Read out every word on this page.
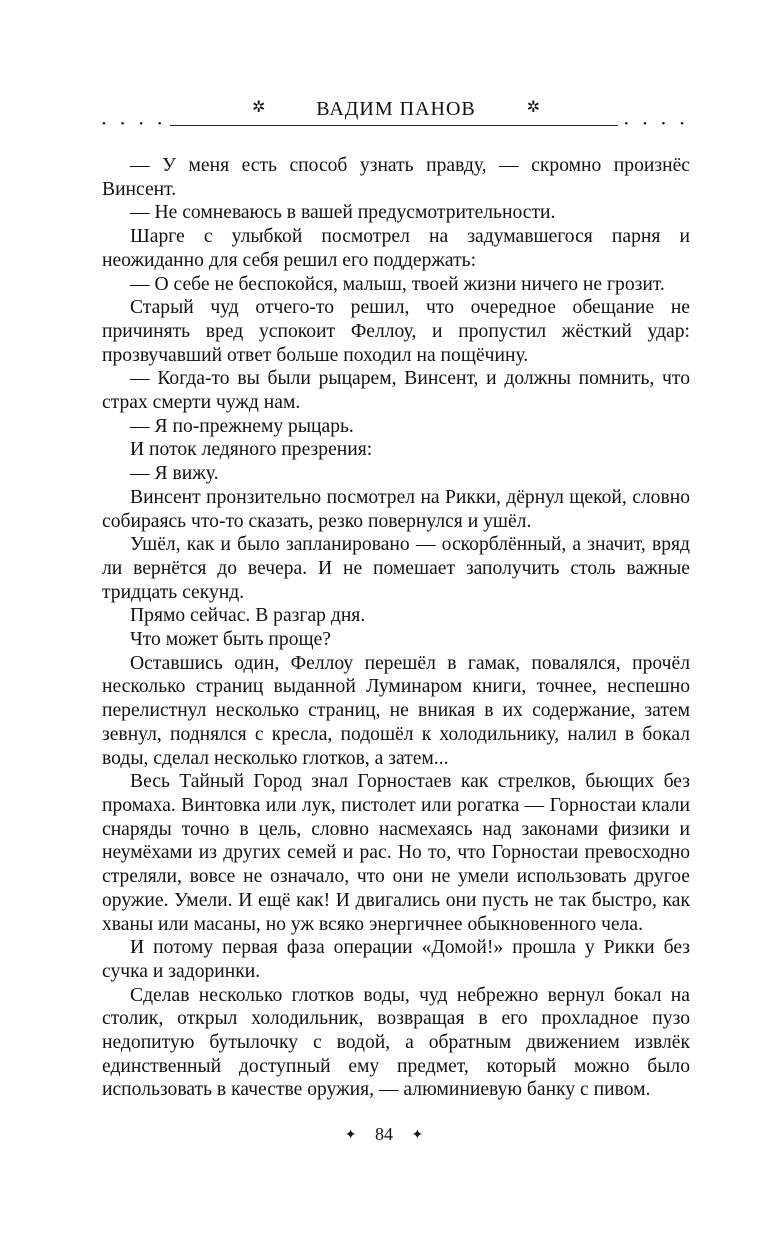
✲	ВАДИМ ПАНОВ	✲
• • • •	• • • •

— У меня есть способ узнать правду, — скромно произнёс Винсент.

— Не сомневаюсь в вашей предусмотрительности.

Шарге с улыбкой посмотрел на задумавшегося парня и неожиданно для себя решил его поддержать:

— О себе не беспокойся, малыш, твоей жизни ничего не грозит.

Старый чуд отчего-то решил, что очередное обещание не причинять вред успокоит Феллоу, и пропустил жёсткий удар: прозвучавший ответ больше походил на пощёчину.

— Когда-то вы были рыцарем, Винсент, и должны помнить, что страх смерти чужд нам.

— Я по-прежнему рыцарь.

И поток ледяного презрения:

— Я вижу.

Винсент пронзительно посмотрел на Рикки, дёрнул щекой, словно собираясь что-то сказать, резко повернулся и ушёл.

Ушёл, как и было запланировано — оскорблённый, а значит, вряд ли вернётся до вечера. И не помешает заполучить столь важные тридцать секунд.

Прямо сейчас. В разгар дня.

Что может быть проще?

Оставшись один, Феллоу перешёл в гамак, повалялся, прочёл несколько страниц выданной Луминаром книги, точнее, неспешно перелистнул несколько страниц, не вникая в их содержание, затем зевнул, поднялся с кресла, подошёл к холодильнику, налил в бокал воды, сделал несколько глотков, а затем...

Весь Тайный Город знал Горностаев как стрелков, бьющих без промаха. Винтовка или лук, пистолет или рогатка — Горностаи клали снаряды точно в цель, словно насмехаясь над законами физики и неумёхами из других семей и рас. Но то, что Горностаи превосходно стреляли, вовсе не означало, что они не умели использовать другое оружие. Умели. И ещё как! И двигались они пусть не так быстро, как хваны или масаны, но уж всяко энергичнее обыкновенного чела.

И потому первая фаза операции «Домой!» прошла у Рикки без сучка и задоринки.

Сделав несколько глотков воды, чуд небрежно вернул бокал на столик, открыл холодильник, возвращая в его прохладное пузо недопитую бутылочку с водой, а обратным движением извлёк единственный доступный ему предмет, который можно было использовать в качестве оружия, — алюминиевую банку с пивом.

✦ 84 ✦
